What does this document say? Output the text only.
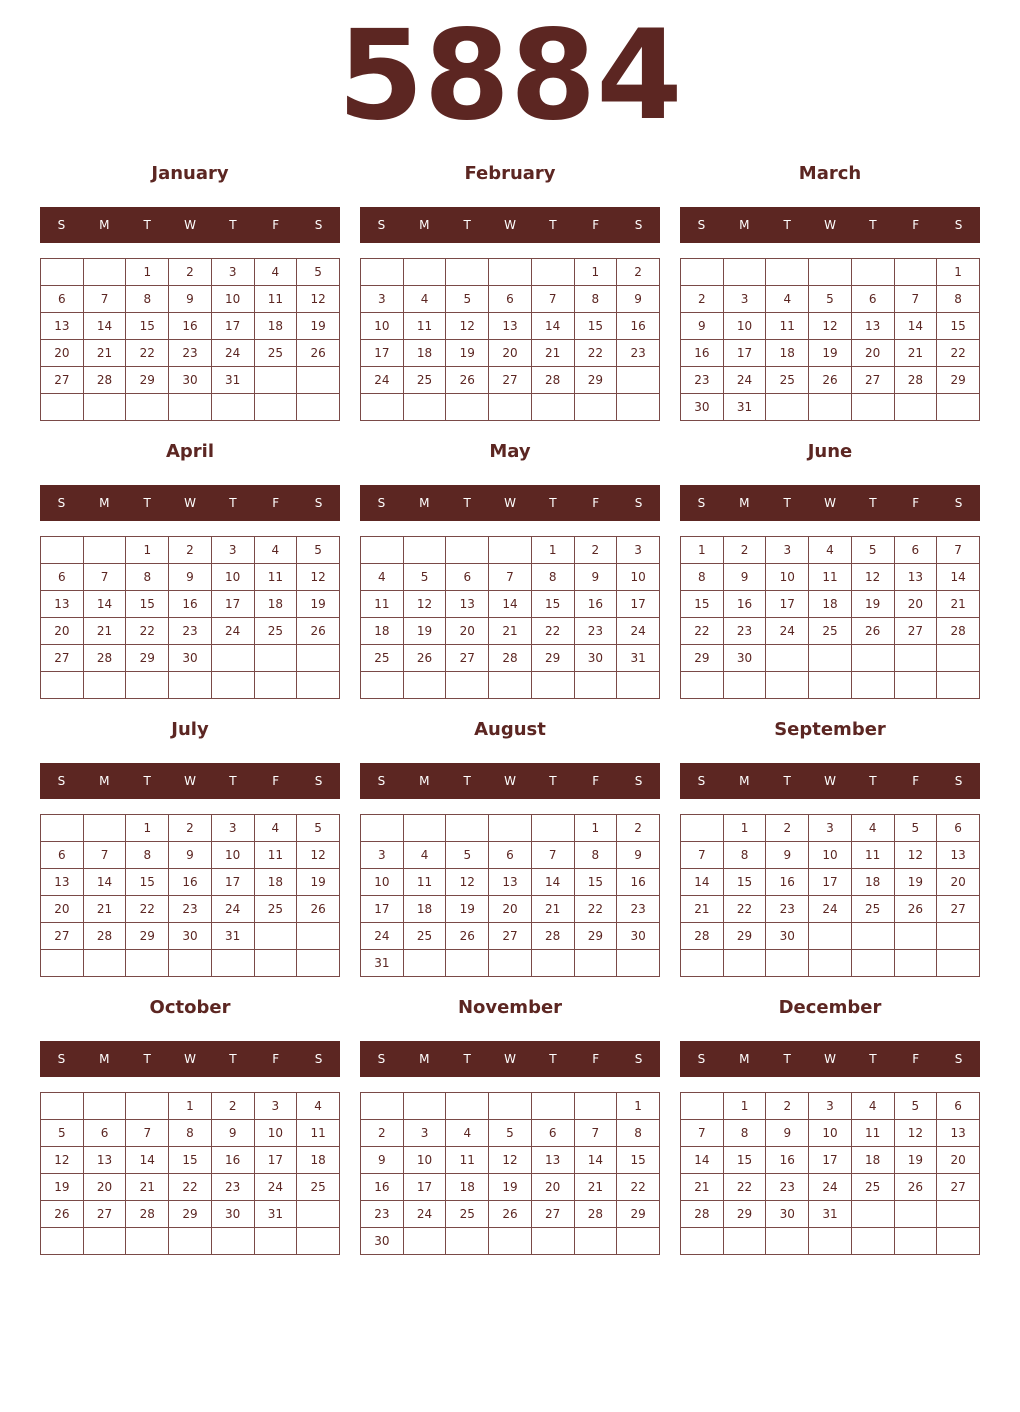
5884
January
S	M	T	W	T	F	S
		1	2	3	4	5
6	7	8	9	10	11	12
13	14	15	16	17	18	19
20	21	22	23	24	25	26
27	28	29	30	31		

February
S	M	T	W	T	F	S
					1	2
3	4	5	6	7	8	9
10	11	12	13	14	15	16
17	18	19	20	21	22	23
24	25	26	27	28	29	

March
S	M	T	W	T	F	S
						1
2	3	4	5	6	7	8
9	10	11	12	13	14	15
16	17	18	19	20	21	22
23	24	25	26	27	28	29
30	31					
April
S	M	T	W	T	F	S
		1	2	3	4	5
6	7	8	9	10	11	12
13	14	15	16	17	18	19
20	21	22	23	24	25	26
27	28	29	30			

May
S	M	T	W	T	F	S
				1	2	3
4	5	6	7	8	9	10
11	12	13	14	15	16	17
18	19	20	21	22	23	24
25	26	27	28	29	30	31

June
S	M	T	W	T	F	S
1	2	3	4	5	6	7
8	9	10	11	12	13	14
15	16	17	18	19	20	21
22	23	24	25	26	27	28
29	30					

July
S	M	T	W	T	F	S
		1	2	3	4	5
6	7	8	9	10	11	12
13	14	15	16	17	18	19
20	21	22	23	24	25	26
27	28	29	30	31		

August
S	M	T	W	T	F	S
					1	2
3	4	5	6	7	8	9
10	11	12	13	14	15	16
17	18	19	20	21	22	23
24	25	26	27	28	29	30
31						
September
S	M	T	W	T	F	S
	1	2	3	4	5	6
7	8	9	10	11	12	13
14	15	16	17	18	19	20
21	22	23	24	25	26	27
28	29	30				

October
S	M	T	W	T	F	S
			1	2	3	4
5	6	7	8	9	10	11
12	13	14	15	16	17	18
19	20	21	22	23	24	25
26	27	28	29	30	31	

November
S	M	T	W	T	F	S
						1
2	3	4	5	6	7	8
9	10	11	12	13	14	15
16	17	18	19	20	21	22
23	24	25	26	27	28	29
30						
December
S	M	T	W	T	F	S
	1	2	3	4	5	6
7	8	9	10	11	12	13
14	15	16	17	18	19	20
21	22	23	24	25	26	27
28	29	30	31			
